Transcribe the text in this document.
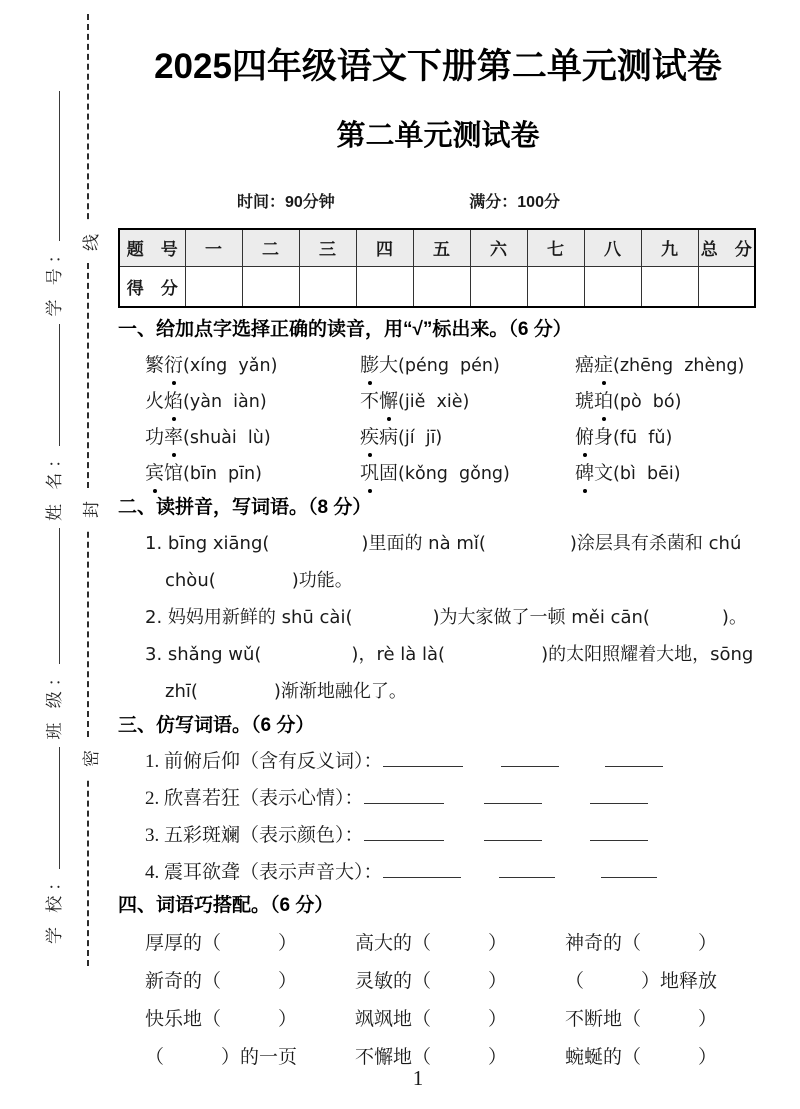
线
封
密
学 校： 班 级： 姓 名： 学 号：
2025四年级语文下册第二单元测试卷
第二单元测试卷
时间：90分钟	满分：100分
题　号	一	二	三	四	五	六	七	八	九	总　分
得　分										
一、给加点字选择正确的读音，用“√”标出来。（6 分）
繁衍(xíng  yǎn)	膨大(péng  pén)	癌症(zhēng  zhèng)
火焰(yàn  iàn)	不懈(jiě  xiè)	琥珀(pò  bó)
功率(shuài  lù)	疾病(jí  jī)	俯身(fū  fǔ)
宾馆(bīn  pīn)	巩固(kǒng  gǒng)	碑文(bì  bēi)
二、读拼音，写词语。（8 分）
1. bīng xiāng(	)里面的 nà mǐ(	)涂层具有杀菌和 chú
chòu(	)功能。
2. 妈妈用新鲜的 shū cài(	)为大家做了一顿 měi cān(	)。
3. shǎng wǔ(	)，rè là là(	)的太阳照耀着大地，sōng
zhī(	)渐渐地融化了。
三、仿写词语。（6 分）
1. 前俯后仰（含有反义词）：
2. 欣喜若狂（表示心情）：
3. 五彩斑斓（表示颜色）：
4. 震耳欲聋（表示声音大）：
四、词语巧搭配。（6 分）
厚厚的（　　　）	高大的（　　　）	神奇的（　　　）
新奇的（　　　）	灵敏的（　　　）	（　　　）地释放
快乐地（　　　）	飒飒地（　　　）	不断地（　　　）
（　　　）的一页	不懈地（　　　）	蜿蜒的（　　　）
1
